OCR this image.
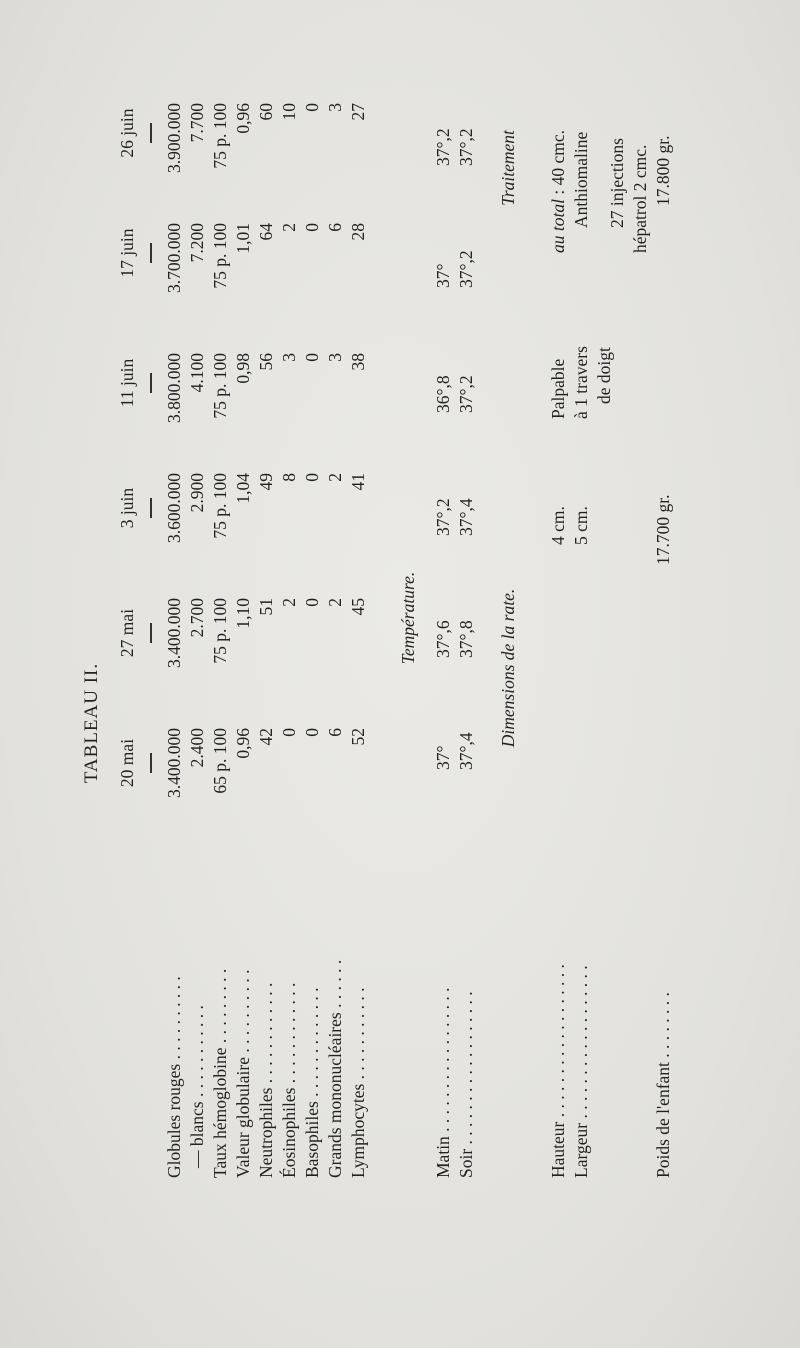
TABLEAU II. 20 mai
27 mai
3 juin
11 juin
17 juin
26 juin
Globules rouges . . . . . . . . . .
— blancs . . . . . . . . . . . Taux hémoglobine . . . . . . . . .
Valeur globulaire . . . . . . . . . .
Neutrophiles . . . . . . . . . . . .
Éosinophiles . . . . . . . . . . . .
Basophiles . . . . . . . . . . . . . Grands mononucléaires . . . . . .
Lymphocytes . . . . . . . . . . .
3.400.000
3.400.000
3.600.000
3.800.000
3.700.000
3.900.000
2.400
2.700
2.900
4.100
7.200
7.700
65 p. 100
75 p. 100
75 p. 100
75 p. 100
75 p. 100
75 p. 100
0,96
1,10
1,04
0,98
1,01
0,96
42
51
49
56
64
60
0
2
8
3
2
10
0
0
0
0
0
0
6
2
2
3
6
3
52
45
41
38
28
27
Température.
Matin . . . . . . . . . . . . . . . . .
Soir . . . . . . . . . . . . . . . . . .
37°
37°,6
37°,2
36°,8
37°
37°,2
37°,4
37°,8
37°,4
37°,2
37°,2
37°,2
Dimensions de la rate.
Traitement
Hauteur . . . . . . . . . . . . . . . . . .
Largeur . . . . . . . . . . . . . . . . . .
4 cm. 5 cm.
Palpable à 1 travers de doigt
au total : 40 cmc. Anthiomaline 27 injections hépatrol 2 cmc.
Poids de l'enfant . . . . . . . .
17.700 gr.
17.800 gr.
